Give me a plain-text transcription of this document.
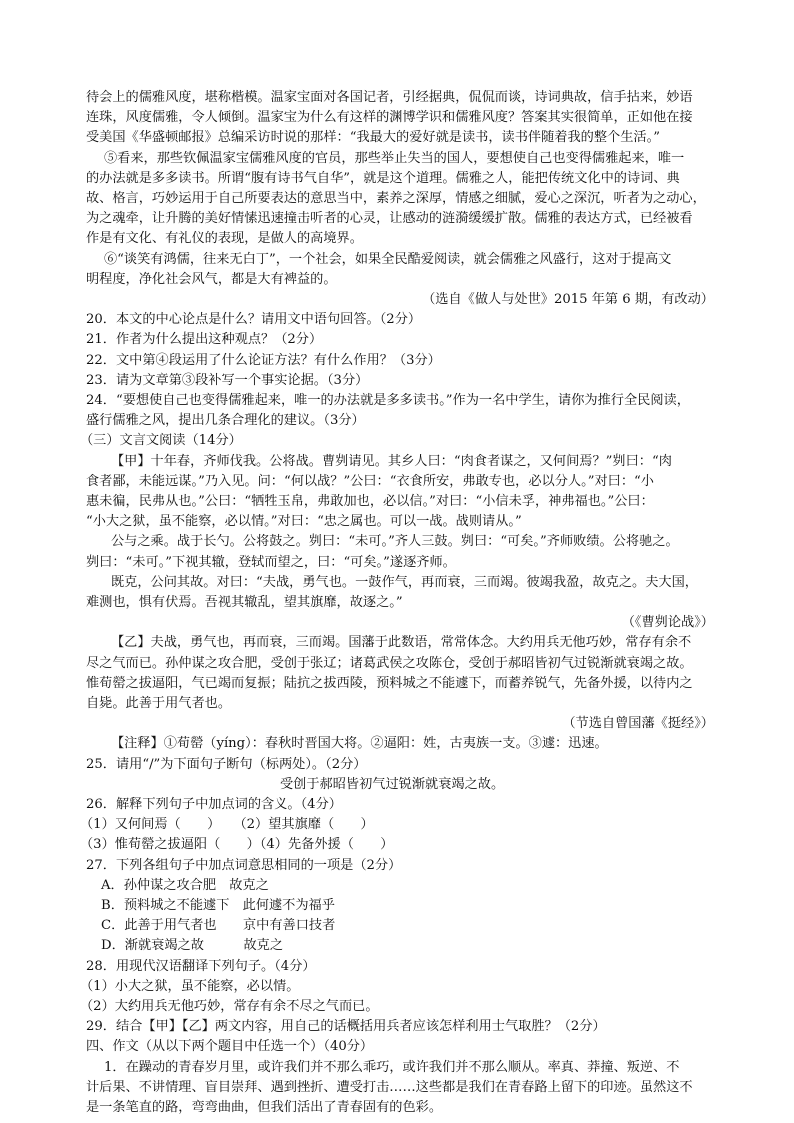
待会上的儒雅风度，堪称楷模。温家宝面对各国记者，引经据典，侃侃而谈，诗词典故，信手拈来，妙语
连珠，风度儒雅，令人倾倒。温家宝为什么有这样的渊博学识和儒雅风度？答案其实很简单，正如他在接
受美国《华盛顿邮报》总编采访时说的那样：“我最大的爱好就是读书，读书伴随着我的整个生活。”
⑤看来，那些钦佩温家宝儒雅风度的官员，那些举止失当的国人，要想使自己也变得儒雅起来，唯一
的办法就是多多读书。所谓“腹有诗书气自华”，就是这个道理。儒雅之人，能把传统文化中的诗词、典
故、格言，巧妙运用于自己所要表达的意思当中，素养之深厚，情感之细腻，爱心之深沉，听者为之动心，
为之魂牵，让升腾的美好情愫迅速撞击听者的心灵，让感动的涟漪缓缓扩散。儒雅的表达方式，已经被看
作是有文化、有礼仪的表现，是做人的高境界。
⑥“谈笑有鸿儒，往来无白丁”，一个社会，如果全民酷爱阅读，就会儒雅之风盛行，这对于提高文
明程度，净化社会风气，都是大有裨益的。
（选自《做人与处世》2015 年第 6 期，有改动）
20．本文的中心论点是什么？请用文中语句回答。（2分）
21．作者为什么提出这种观点？（2分）
22．文中第④段运用了什么论证方法？有什么作用？（3分）
23．请为文章第③段补写一个事实论据。（3分）
24．“要想使自己也变得儒雅起来，唯一的办法就是多多读书。”作为一名中学生，请你为推行全民阅读，
盛行儒雅之风，提出几条合理化的建议。（3分）
（三）文言文阅读（14分）
【甲】十年春，齐师伐我。公将战。曹刿请见。其乡人曰：“肉食者谋之，又何间焉？”刿曰：“肉
食者鄙，未能远谋。”乃入见。问：“何以战？”公曰：“衣食所安，弗敢专也，必以分人。”对曰：“小
惠未徧，民弗从也。”公曰：“牺牲玉帛，弗敢加也，必以信。”对曰：“小信未孚，神弗福也。”公曰：
“小大之狱，虽不能察，必以情。”对曰：“忠之属也。可以一战。战则请从。”
公与之乘。战于长勺。公将鼓之。刿曰：“未可。”齐人三鼓。刿曰：“可矣。”齐师败绩。公将驰之。
刿曰：“未可。”下视其辙，登轼而望之，曰：“可矣。”遂逐齐师。
既克，公问其故。对曰：“夫战，勇气也。一鼓作气，再而衰，三而竭。彼竭我盈，故克之。夫大国，
难测也，惧有伏焉。吾视其辙乱，望其旗靡，故逐之。”
（《曹刿论战》）
【乙】夫战，勇气也，再而衰，三而竭。国藩于此数语，常常体念。大约用兵无他巧妙，常存有余不
尽之气而已。孙仲谋之攻合肥，受创于张辽；诸葛武侯之攻陈仓，受创于郝昭皆初气过锐渐就衰竭之故。
惟荀罃之拔逼阳，气已竭而复振；陆抗之拔西陵，预料城之不能遽下，而蓄养锐气，先备外援，以待内之
自毙。此善于用气者也。
（节选自曾国藩《挺经》）
【注释】①荀罃（yíng）：春秋时晋国大将。②逼阳：姓，古夷族一支。③遽：迅速。
25．请用“/”为下面句子断句（标两处）。（2分）
受创于郝昭皆初气过锐渐就衰竭之故。
26．解释下列句子中加点词的含义。（4分）
（1）又何间焉（　　）　　（2）望其旗靡（　　）
（3）惟荀罃之拔逼阳（　　）（4）先备外援（　　）
27．下列各组句子中加点词意思相同的一项是（2分）
A．孙仲谋之攻合肥　故克之
B．预料城之不能遽下　此何遽不为福乎
C．此善于用气者也　　京中有善口技者
D．渐就衰竭之故　　　故克之
28．用现代汉语翻译下列句子。（4分）
（1）小大之狱，虽不能察，必以情。
（2）大约用兵无他巧妙，常存有余不尽之气而已。
29．结合【甲】【乙】两文内容，用自己的话概括用兵者应该怎样利用士气取胜？（2分）
四、作文（从以下两个题目中任选一个）（40分）
1．在躁动的青春岁月里，或许我们并不那么乖巧，或许我们并不那么顺从。率真、莽撞、叛逆、不
计后果、不讲情理、盲目崇拜、遇到挫折、遭受打击……这些都是我们在青春路上留下的印迹。虽然这不
是一条笔直的路，弯弯曲曲，但我们活出了青春固有的色彩。
